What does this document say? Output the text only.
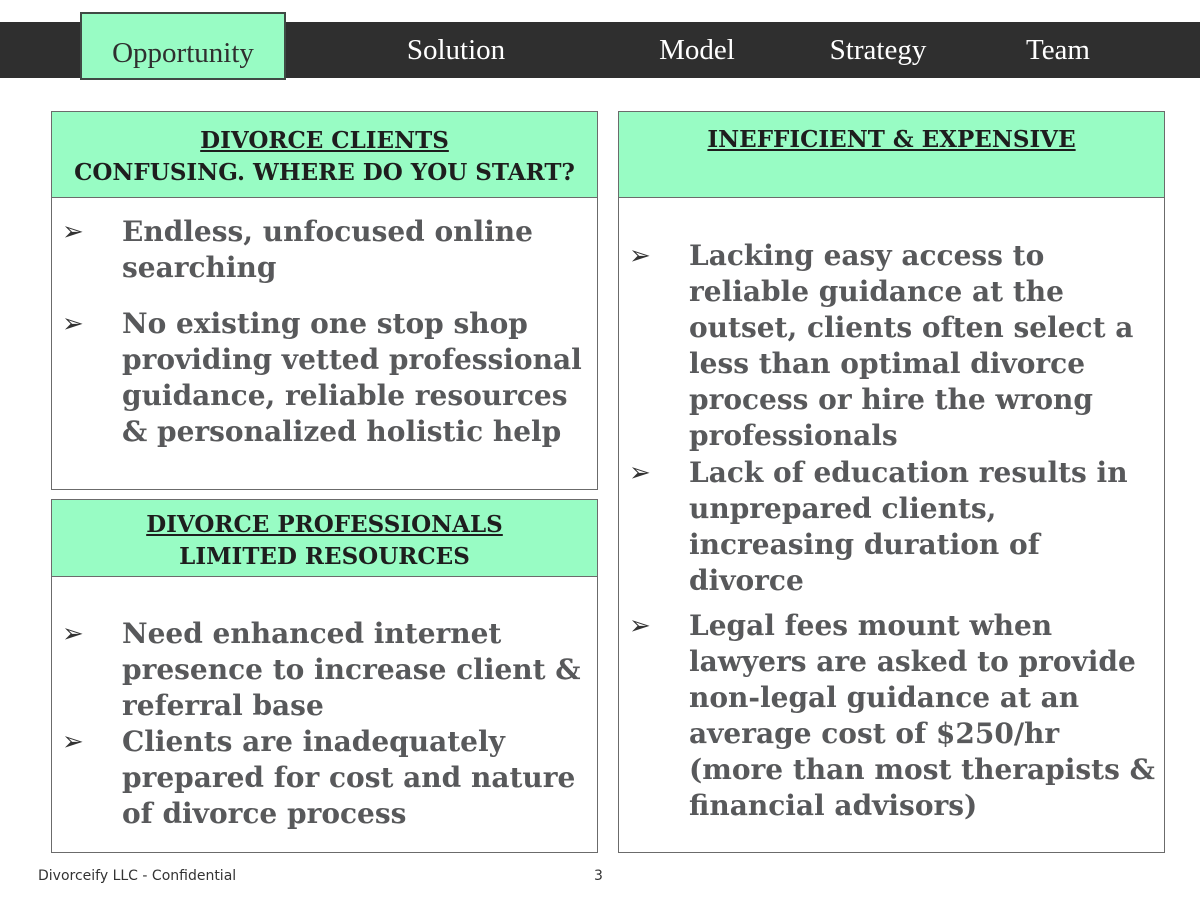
Opportunity	Solution	Model	Strategy	Team
DIVORCE CLIENTS
CONFUSING. WHERE DO YOU START?
➢	Endless, unfocused online searching
➢	No existing one stop shop providing vetted professional guidance, reliable resources & personalized holistic help
DIVORCE PROFESSIONALS
LIMITED RESOURCES
➢	Need enhanced internet presence to increase client & referral base
➢	Clients are inadequately prepared for cost and nature of divorce process
INEFFICIENT & EXPENSIVE
➢	Lacking easy access to reliable guidance at the outset, clients often select a less than optimal divorce process or hire the wrong professionals
➢	Lack of education results in unprepared clients, increasing duration of divorce
➢	Legal fees mount when lawyers are asked to provide non-legal guidance at an average cost of $250/hr (more than most therapists & financial advisors)
Divorceify LLC - Confidential	3
